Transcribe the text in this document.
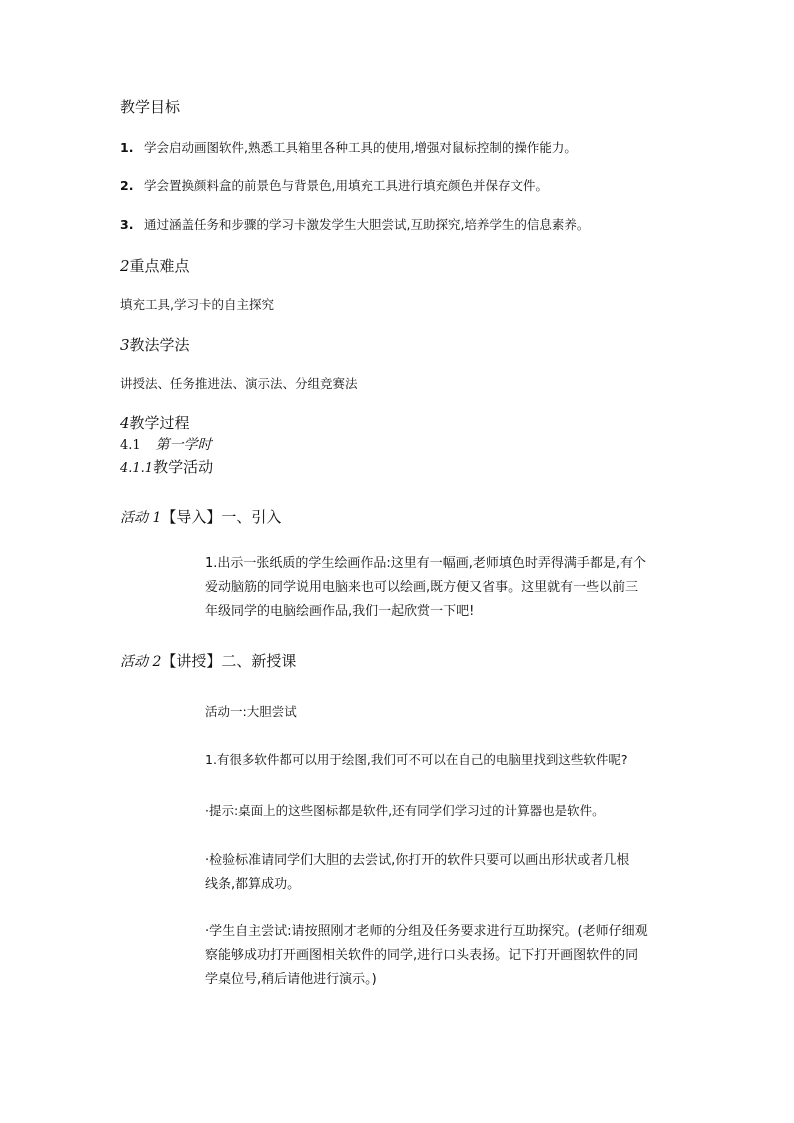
教学目标
1. 学会启动画图软件,熟悉工具箱里各种工具的使用,增强对鼠标控制的操作能力。
2. 学会置换颜料盒的前景色与背景色,用填充工具进行填充颜色并保存文件。
3. 通过涵盖任务和步骤的学习卡激发学生大胆尝试,互助探究,培养学生的信息素养。
2重点难点
填充工具,学习卡的自主探究
3教法学法
讲授法、任务推进法、演示法、分组竞赛法
4教学过程
4.1 第一学时
4.1.1教学活动
活动 1【导入】一、引入
1.出示一张纸质的学生绘画作品:这里有一幅画,老师填色时弄得满手都是,有个
爱动脑筋的同学说用电脑来也可以绘画,既方便又省事。这里就有一些以前三
年级同学的电脑绘画作品,我们一起欣赏一下吧!
活动 2【讲授】二、新授课
活动一:大胆尝试
1.有很多软件都可以用于绘图,我们可不可以在自己的电脑里找到这些软件呢?
·提示:桌面上的这些图标都是软件,还有同学们学习过的计算器也是软件。
·检验标准请同学们大胆的去尝试,你打开的软件只要可以画出形状或者几根
线条,都算成功。
·学生自主尝试:请按照刚才老师的分组及任务要求进行互助探究。(老师仔细观
察能够成功打开画图相关软件的同学,进行口头表扬。记下打开画图软件的同
学桌位号,稍后请他进行演示。)
